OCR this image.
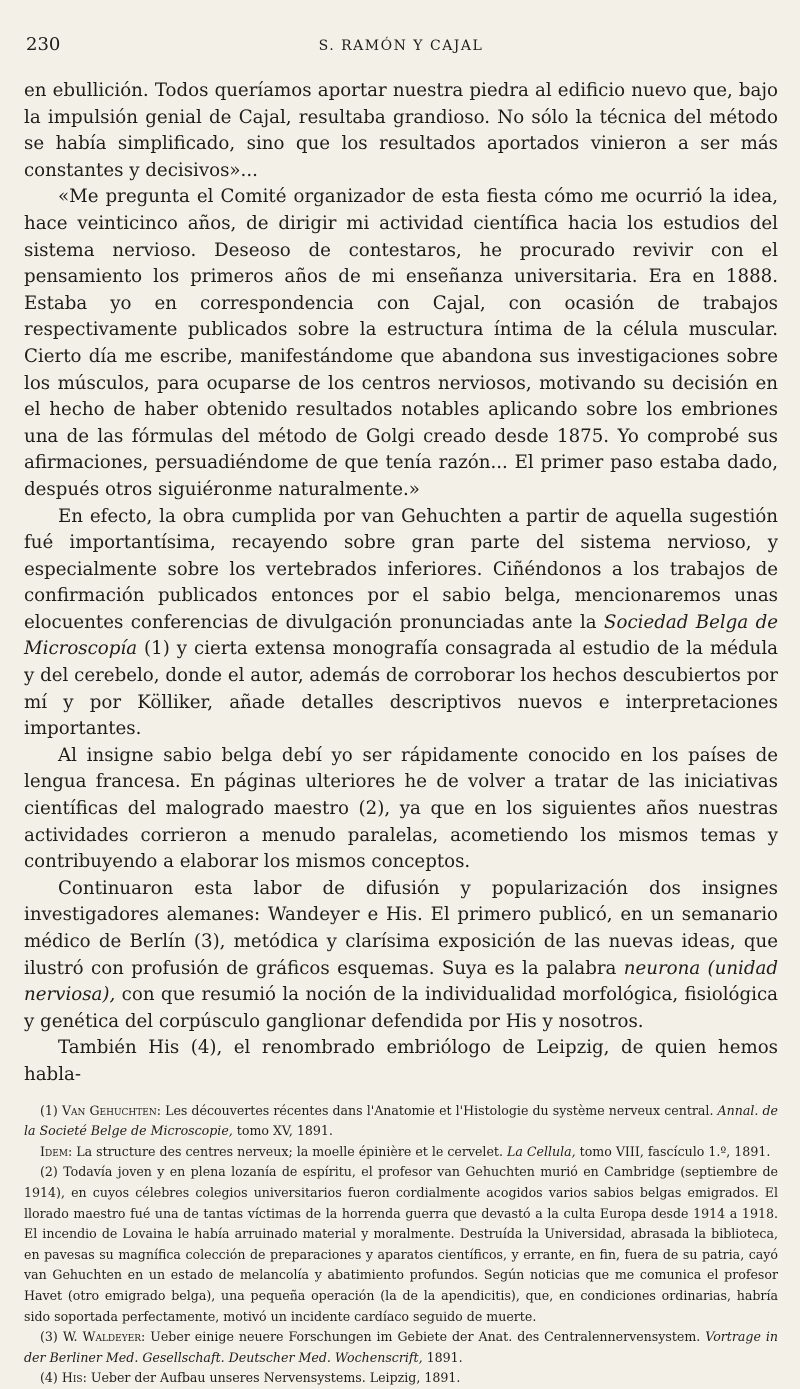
230	S. RAMÓN Y CAJAL

en ebullición. Todos queríamos aportar nuestra piedra al edificio nuevo que, bajo la impulsión genial de Cajal, resultaba grandioso. No sólo la técnica del método se había simplificado, sino que los resultados aportados vinieron a ser más constantes y decisivos»...

«Me pregunta el Comité organizador de esta fiesta cómo me ocurrió la idea, hace veinticinco años, de dirigir mi actividad científica hacia los estudios del sistema nervioso. Deseoso de contestaros, he procurado revivir con el pensamiento los primeros años de mi enseñanza universitaria. Era en 1888. Estaba yo en correspondencia con Cajal, con ocasión de trabajos respectivamente publicados sobre la estructura íntima de la célula muscular. Cierto día me escribe, manifestándome que abandona sus investigaciones sobre los músculos, para ocuparse de los centros nerviosos, motivando su decisión en el hecho de haber obtenido resultados notables aplicando sobre los embriones una de las fórmulas del método de Golgi creado desde 1875. Yo comprobé sus afirmaciones, persuadiéndome de que tenía razón... El primer paso estaba dado, después otros siguiéronme naturalmente.»

En efecto, la obra cumplida por van Gehuchten a partir de aquella sugestión fué importantísima, recayendo sobre gran parte del sistema nervioso, y especialmente sobre los vertebrados inferiores. Ciñéndonos a los trabajos de confirmación publicados entonces por el sabio belga, mencionaremos unas elocuentes conferencias de divulgación pronunciadas ante la Sociedad Belga de Microscopía (1) y cierta extensa monografía consagrada al estudio de la médula y del cerebelo, donde el autor, además de corroborar los hechos descubiertos por mí y por Kölliker, añade detalles descriptivos nuevos e interpretaciones importantes.

Al insigne sabio belga debí yo ser rápidamente conocido en los países de lengua francesa. En páginas ulteriores he de volver a tratar de las iniciativas científicas del malogrado maestro (2), ya que en los siguientes años nuestras actividades corrieron a menudo paralelas, acometiendo los mismos temas y contribuyendo a elaborar los mismos conceptos.

Continuaron esta labor de difusión y popularización dos insignes investigadores alemanes: Wandeyer e His. El primero publicó, en un semanario médico de Berlín (3), metódica y clarísima exposición de las nuevas ideas, que ilustró con profusión de gráficos esquemas. Suya es la palabra neurona (unidad nerviosa), con que resumió la noción de la individualidad morfológica, fisiológica y genética del corpúsculo ganglionar defendida por His y nosotros.

También His (4), el renombrado embriólogo de Leipzig, de quien hemos habla-

(1) Van Gehuchten: Les découvertes récentes dans l'Anatomie et l'Histologie du système nerveux central. Annal. de la Societé Belge de Microscopie, tomo XV, 1891.

Idem: La structure des centres nerveux; la moelle épinière et le cervelet. La Cellula, tomo VIII, fascículo 1.º, 1891.

(2) Todavía joven y en plena lozanía de espíritu, el profesor van Gehuchten murió en Cambridge (septiembre de 1914), en cuyos célebres colegios universitarios fueron cordialmente acogidos varios sabios belgas emigrados. El llorado maestro fué una de tantas víctimas de la horrenda guerra que devastó a la culta Europa desde 1914 a 1918. El incendio de Lovaina le había arruinado material y moralmente. Destruída la Universidad, abrasada la biblioteca, en pavesas su magnífica colección de preparaciones y aparatos científicos, y errante, en fin, fuera de su patria, cayó van Gehuchten en un estado de melancolía y abatimiento profundos. Según noticias que me comunica el profesor Havet (otro emigrado belga), una pequeña operación (la de la apendicitis), que, en condiciones ordinarias, habría sido soportada perfectamente, motivó un incidente cardíaco seguido de muerte.

(3) W. Waldeyer: Ueber einige neuere Forschungen im Gebiete der Anat. des Centralennervensystem. Vortrage in der Berliner Med. Gesellschaft. Deutscher Med. Wochenscrift, 1891.

(4) His: Ueber der Aufbau unseres Nervensystems. Leipzig, 1891.
